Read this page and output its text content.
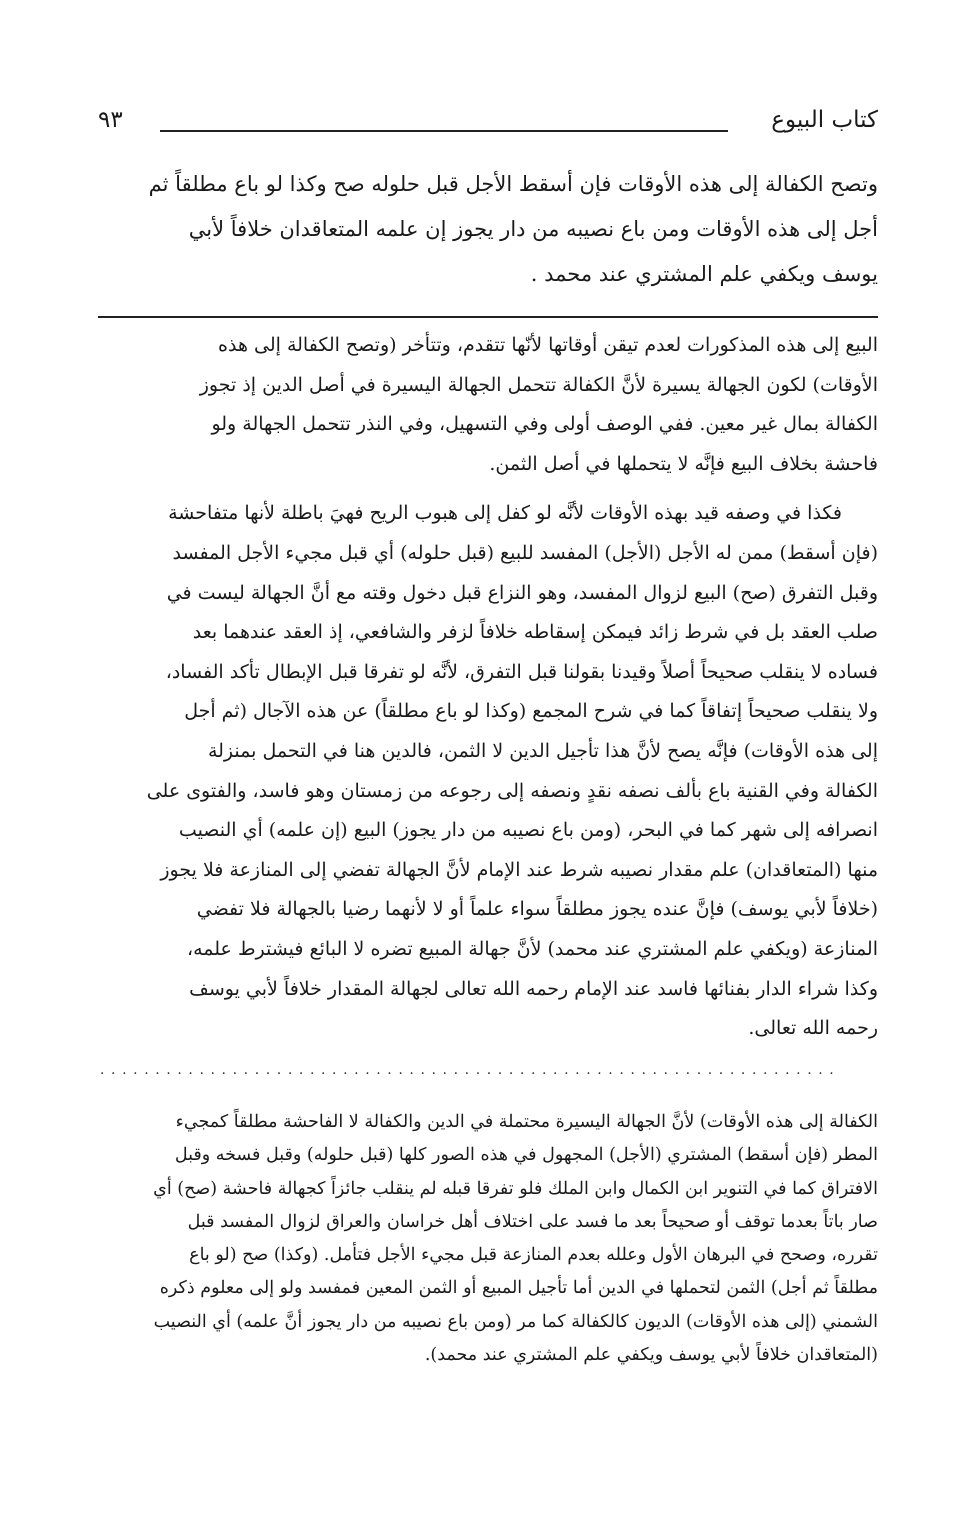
كتاب البيوع
٩٣

وتصح الكفالة إلى هذه الأوقات فإن أسقط الأجل قبل حلوله صح وكذا لو باع مطلقاً ثم
أجل إلى هذه الأوقات ومن باع نصيبه من دار يجوز إن علمه المتعاقدان خلافاً لأبي
يوسف ويكفي علم المشتري عند محمد .

البيع إلى هذه المذكورات لعدم تيقن أوقاتها لأنّها تتقدم، وتتأخر (وتصح الكفالة إلى هذه
الأوقات) لكون الجهالة يسيرة لأنَّ الكفالة تتحمل الجهالة اليسيرة في أصل الدين إذ تجوز
الكفالة بمال غير معين. ففي الوصف أولى وفي التسهيل، وفي النذر تتحمل الجهالة ولو
فاحشة بخلاف البيع فإنَّه لا يتحملها في أصل الثمن.

فكذا في وصفه قيد بهذه الأوقات لأنَّه لو كفل إلى هبوب الريح فهيَ باطلة لأنها متفاحشة
(فإن أسقط) ممن له الأجل (الأجل) المفسد للبيع (قبل حلوله) أي قبل مجيء الأجل المفسد
وقبل التفرق (صح) البيع لزوال المفسد، وهو النزاع قبل دخول وقته مع أنَّ الجهالة ليست في
صلب العقد بل في شرط زائد فيمكن إسقاطه خلافاً لزفر والشافعي، إذ العقد عندهما بعد
فساده لا ينقلب صحيحاً أصلاً وقيدنا بقولنا قبل التفرق، لأنَّه لو تفرقا قبل الإبطال تأكد الفساد،
ولا ينقلب صحيحاً إتفاقاً كما في شرح المجمع (وكذا لو باع مطلقاً) عن هذه الآجال (ثم أجل
إلى هذه الأوقات) فإنَّه يصح لأنَّ هذا تأجيل الدين لا الثمن، فالدين هنا في التحمل بمنزلة
الكفالة وفي القنية باع بألف نصفه نقدٍ ونصفه إلى رجوعه من زمستان وهو فاسد، والفتوى على
انصرافه إلى شهر كما في البحر، (ومن باع نصيبه من دار يجوز) البيع (إن علمه) أي النصيب
منها (المتعاقدان) علم مقدار نصيبه شرط عند الإمام لأنَّ الجهالة تفضي إلى المنازعة فلا يجوز
(خلافاً لأبي يوسف) فإنَّ عنده يجوز مطلقاً سواء علماً أو لا لأنهما رضيا بالجهالة فلا تفضي
المنازعة (ويكفي علم المشتري عند محمد) لأنَّ جهالة المبيع تضره لا البائع فيشترط علمه،
وكذا شراء الدار بفنائها فاسد عند الإمام رحمه الله تعالى لجهالة المقدار خلافاً لأبي يوسف
رحمه الله تعالى.

...................................................................

الكفالة إلى هذه الأوقات) لأنَّ الجهالة اليسيرة محتملة في الدين والكفالة لا الفاحشة مطلقاً كمجيء
المطر (فإن أسقط) المشتري (الأجل) المجهول في هذه الصور كلها (قبل حلوله) وقبل فسخه وقبل
الافتراق كما في التنوير ابن الكمال وابن الملك فلو تفرقا قبله لم ينقلب جائزاً كجهالة فاحشة (صح) أي
صار باتاً بعدما توقف أو صحيحاً بعد ما فسد على اختلاف أهل خراسان والعراق لزوال المفسد قبل
تقرره، وصحح في البرهان الأول وعلله بعدم المنازعة قبل مجيء الأجل فتأمل. (وكذا) صح (لو باع
مطلقاً ثم أجل) الثمن لتحملها في الدين أما تأجيل المبيع أو الثمن المعين فمفسد ولو إلى معلوم ذكره
الشمني (إلى هذه الأوقات) الديون كالكفالة كما مر (ومن باع نصيبه من دار يجوز أنَّ علمه) أي النصيب
(المتعاقدان خلافاً لأبي يوسف ويكفي علم المشتري عند محمد).
